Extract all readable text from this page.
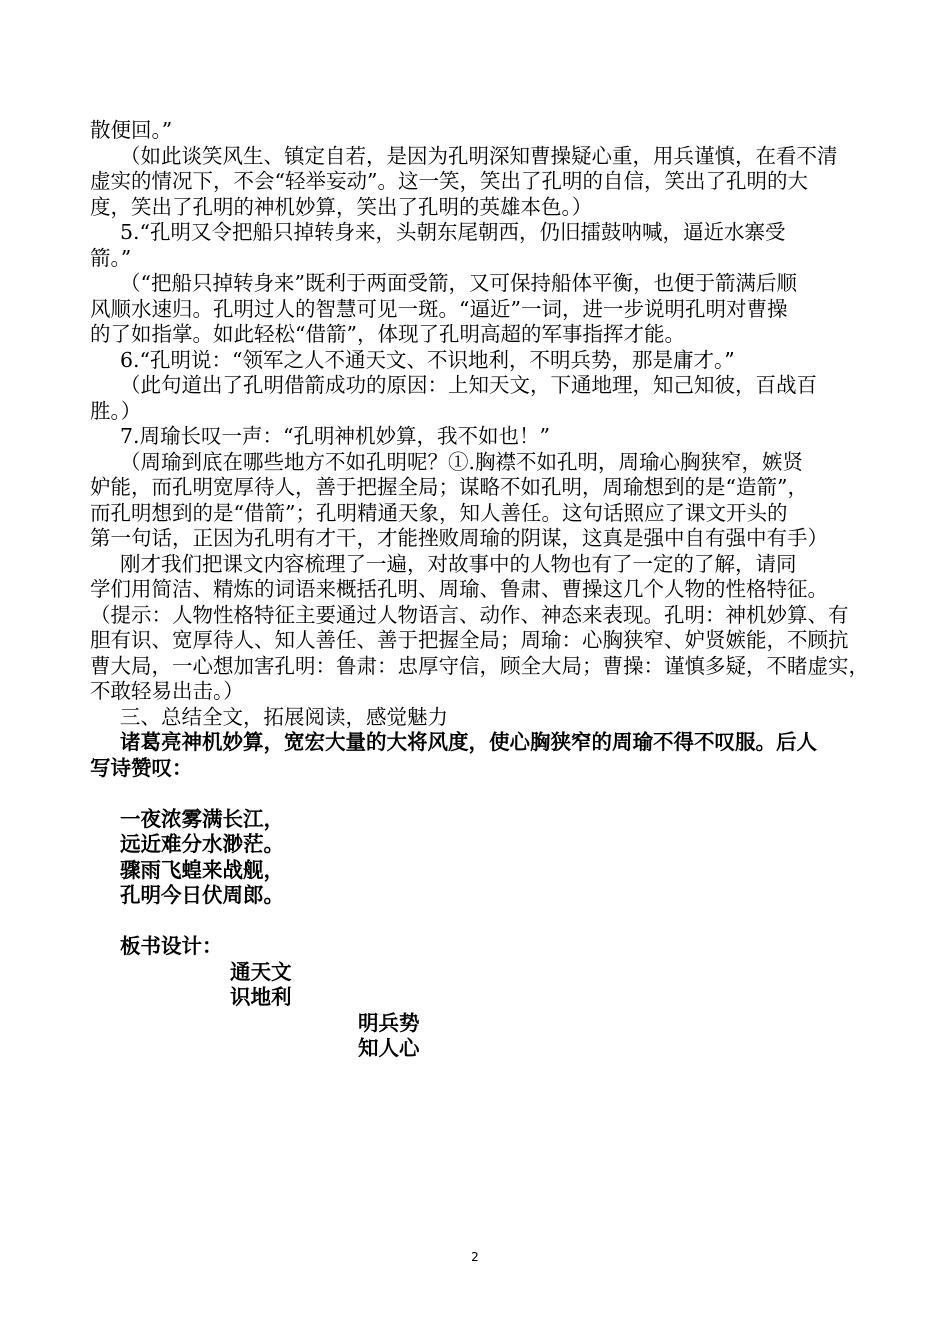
散便回。”
（如此谈笑风生、镇定自若，是因为孔明深知曹操疑心重，用兵谨慎，在看不清
虚实的情况下，不会“轻举妄动”。这一笑，笑出了孔明的自信，笑出了孔明的大
度，笑出了孔明的神机妙算，笑出了孔明的英雄本色。）
5.“孔明又令把船只掉转身来，头朝东尾朝西，仍旧擂鼓呐喊，逼近水寨受
箭。”
（“把船只掉转身来”既利于两面受箭，又可保持船体平衡，也便于箭满后顺
风顺水速归。孔明过人的智慧可见一斑。“逼近”一词，进一步说明孔明对曹操
的了如指掌。如此轻松“借箭”，体现了孔明高超的军事指挥才能。
6.“孔明说：“领军之人不通天文、不识地利，不明兵势，那是庸才。”
（此句道出了孔明借箭成功的原因：上知天文，下通地理，知己知彼，百战百
胜。）
7.周瑜长叹一声：“孔明神机妙算，我不如也！”
（周瑜到底在哪些地方不如孔明呢？①.胸襟不如孔明，周瑜心胸狭窄，嫉贤
妒能，而孔明宽厚待人，善于把握全局；谋略不如孔明，周瑜想到的是“造箭”，
而孔明想到的是“借箭”；孔明精通天象，知人善任。这句话照应了课文开头的
第一句话，正因为孔明有才干，才能挫败周瑜的阴谋，这真是强中自有强中有手）
刚才我们把课文内容梳理了一遍，对故事中的人物也有了一定的了解，请同
学们用简洁、精炼的词语来概括孔明、周瑜、鲁肃、曹操这几个人物的性格特征。
（提示：人物性格特征主要通过人物语言、动作、神态来表现。孔明：神机妙算、有
胆有识、宽厚待人、知人善任、善于把握全局；周瑜：心胸狭窄、妒贤嫉能，不顾抗
曹大局，一心想加害孔明：鲁肃：忠厚守信，顾全大局；曹操：谨慎多疑，不睹虚实，
不敢轻易出击。）
三、总结全文，拓展阅读，感觉魅力
诸葛亮神机妙算，宽宏大量的大将风度，使心胸狭窄的周瑜不得不叹服。后人
写诗赞叹：
一夜浓雾满长江，
远近难分水渺茫。
骤雨飞蝗来战舰，
孔明今日伏周郎。
板书设计：
通天文
识地利
明兵势
知人心
2
